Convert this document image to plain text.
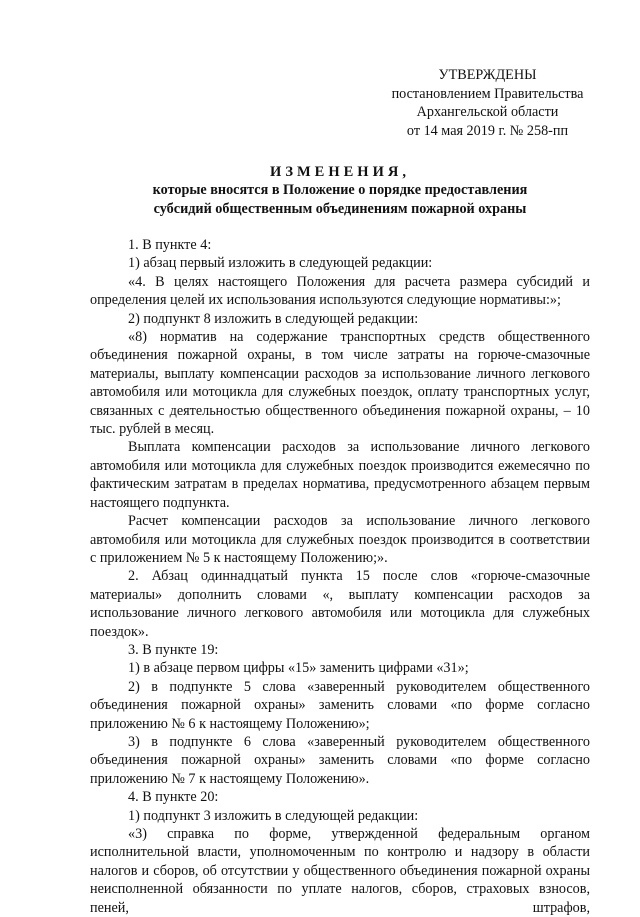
УТВЕРЖДЕНЫ
постановлением Правительства
Архангельской области
от 14 мая 2019 г. № 258-пп
ИЗМЕНЕНИЯ,
которые вносятся в Положение о порядке предоставления
субсидий общественным объединениям пожарной охраны

1. В пункте 4:

1) абзац первый изложить в следующей редакции:

«4. В целях настоящего Положения для расчета размера субсидий и определения целей их использования используются следующие нормативы:»;

2) подпункт 8 изложить в следующей редакции:

«8) норматив на содержание транспортных средств общественного объединения пожарной охраны, в том числе затраты на горюче-смазочные материалы, выплату компенсации расходов за использование личного легкового автомобиля или мотоцикла для служебных поездок, оплату транспортных услуг, связанных с деятельностью общественного объединения пожарной охраны, – 10 тыс. рублей в месяц.

Выплата компенсации расходов за использование личного легкового автомобиля или мотоцикла для служебных поездок производится ежемесячно по фактическим затратам в пределах норматива, предусмотренного абзацем первым настоящего подпункта.

Расчет компенсации расходов за использование личного легкового автомобиля или мотоцикла для служебных поездок производится в соответствии с приложением № 5 к настоящему Положению;».

2. Абзац одиннадцатый пункта 15 после слов «горюче-смазочные материалы» дополнить словами «, выплату компенсации расходов за использование личного легкового автомобиля или мотоцикла для служебных поездок».

3. В пункте 19:

1) в абзаце первом цифры «15» заменить цифрами «31»;

2) в подпункте 5 слова «заверенный руководителем общественного объединения пожарной охраны» заменить словами «по форме согласно приложению № 6 к настоящему Положению»;

3) в подпункте 6 слова «заверенный руководителем общественного объединения пожарной охраны» заменить словами «по форме согласно приложению № 7 к настоящему Положению».

4. В пункте 20:

1) подпункт 3 изложить в следующей редакции:

«3) справка по форме, утвержденной федеральным органом исполнительной власти, уполномоченным по контролю и надзору в области налогов и сборов, об отсутствии у общественного объединения пожарной охраны неисполненной обязанности по уплате налогов, сборов, страховых взносов, пеней, штрафов,
